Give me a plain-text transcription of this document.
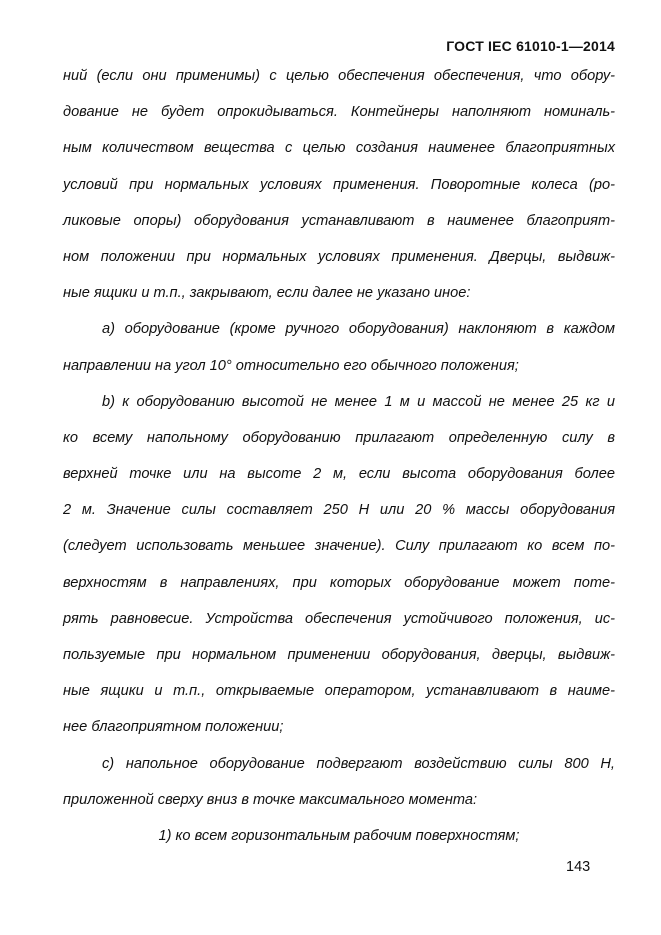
ГОСТ IEC 61010-1—2014
ний (если они применимы) с целью обеспечения обеспечения, что обору-
дование не будет опрокидываться. Контейнеры наполняют номиналь-
ным количеством вещества с целью создания наименее благоприятных
условий при нормальных условиях применения. Поворотные колеса (ро-
ликовые опоры) оборудования устанавливают в наименее благоприят-
ном положении при нормальных условиях применения. Дверцы, выдвиж-
ные ящики и т.п., закрывают, если далее не указано иное:
a) оборудование (кроме ручного оборудования) наклоняют в каждом
направлении на угол 10° относительно его обычного положения;
b) к оборудованию высотой не менее 1 м и массой не менее 25 кг и
ко всему напольному оборудованию прилагают определенную силу в
верхней точке или на высоте 2 м, если высота оборудования более
2 м. Значение силы составляет 250 Н или 20 % массы оборудования
(следует использовать меньшее значение). Силу прилагают ко всем по-
верхностям в направлениях, при которых оборудование может поте-
рять равновесие. Устройства обеспечения устойчивого положения, ис-
пользуемые при нормальном применении оборудования, дверцы, выдвиж-
ные ящики и т.п., открываемые оператором, устанавливают в наиме-
нее благоприятном положении;
c) напольное оборудование подвергают воздействию силы 800 Н,
приложенной сверху вниз в точке максимального момента:
1) ко всем горизонтальным рабочим поверхностям;
143
